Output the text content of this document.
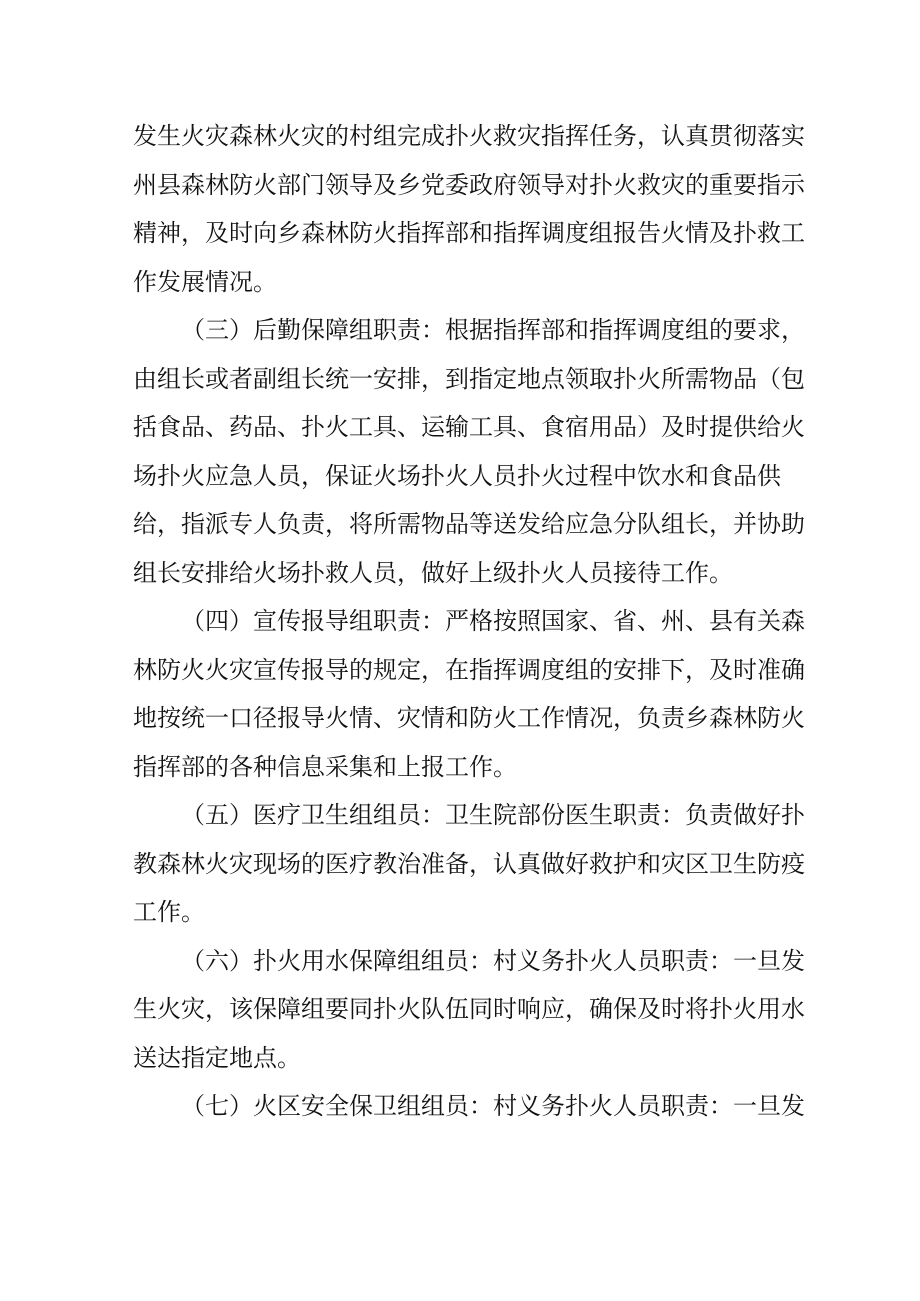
发生火灾森林火灾的村组完成扑火救灾指挥任务，认真贯彻落实
州县森林防火部门领导及乡党委政府领导对扑火救灾的重要指示
精神，及时向乡森林防火指挥部和指挥调度组报告火情及扑救工
作发展情况。
（三）后勤保障组职责：根据指挥部和指挥调度组的要求，
由组长或者副组长统一安排，到指定地点领取扑火所需物品（包
括食品、药品、扑火工具、运输工具、食宿用品）及时提供给火
场扑火应急人员，保证火场扑火人员扑火过程中饮水和食品供
给，指派专人负责，将所需物品等送发给应急分队组长，并协助
组长安排给火场扑救人员，做好上级扑火人员接待工作。
（四）宣传报导组职责：严格按照国家、省、州、县有关森
林防火火灾宣传报导的规定，在指挥调度组的安排下，及时准确
地按统一口径报导火情、灾情和防火工作情况，负责乡森林防火
指挥部的各种信息采集和上报工作。
（五）医疗卫生组组员：卫生院部份医生职责：负责做好扑
教森林火灾现场的医疗教治准备，认真做好救护和灾区卫生防疫
工作。
（六）扑火用水保障组组员：村义务扑火人员职责：一旦发
生火灾，该保障组要同扑火队伍同时响应，确保及时将扑火用水
送达指定地点。
（七）火区安全保卫组组员：村义务扑火人员职责：一旦发
